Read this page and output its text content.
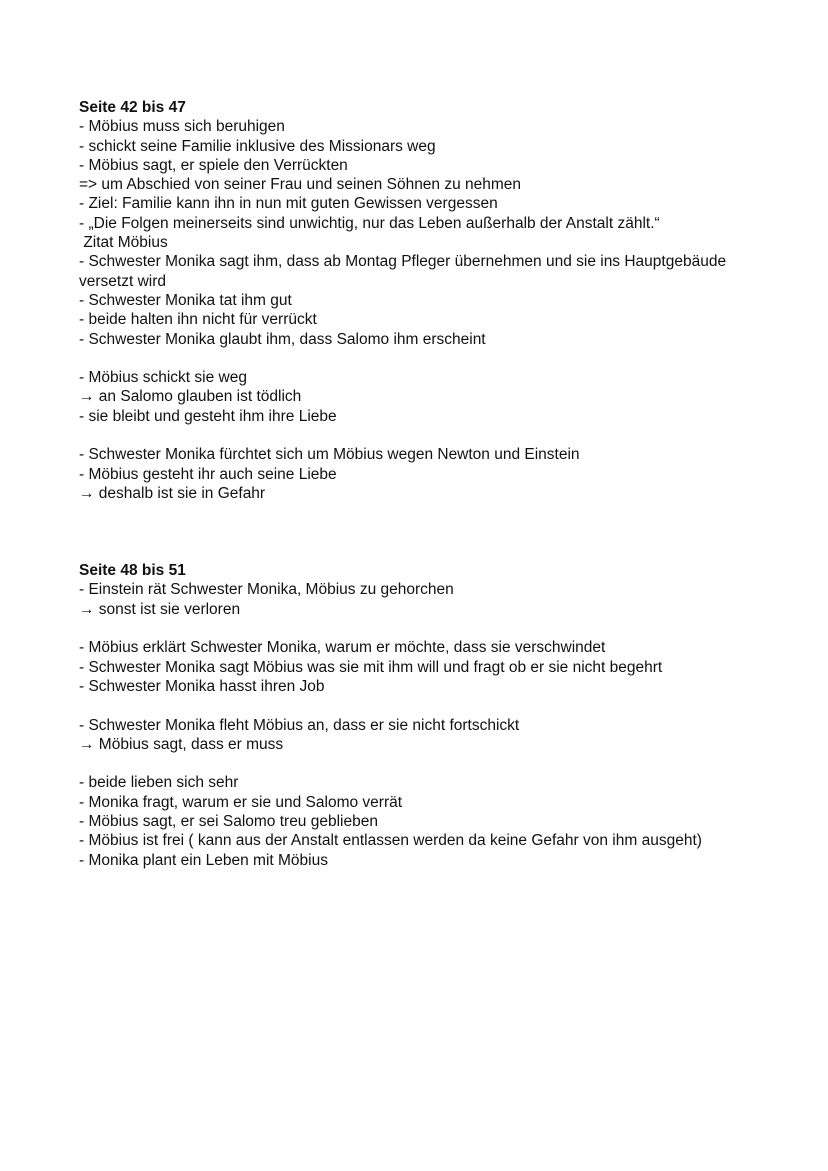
Seite 42 bis 47

- Möbius muss sich beruhigen

- schickt seine Familie inklusive des Missionars weg

- Möbius sagt, er spiele den Verrückten

=> um Abschied von seiner Frau und seinen Söhnen zu nehmen

- Ziel: Familie kann ihn in nun mit guten Gewissen vergessen

- „Die Folgen meinerseits sind unwichtig, nur das Leben außerhalb der Anstalt zählt.“

Zitat Möbius

- Schwester Monika sagt ihm, dass ab Montag Pfleger übernehmen und sie ins Hauptgebäude versetzt wird

- Schwester Monika tat ihm gut

- beide halten ihn nicht für verrückt

- Schwester Monika glaubt ihm, dass Salomo ihm erscheint

- Möbius schickt sie weg

→ an Salomo glauben ist tödlich

- sie bleibt und gesteht ihm ihre Liebe

- Schwester Monika fürchtet sich um Möbius wegen Newton und Einstein

- Möbius gesteht ihr auch seine Liebe

→ deshalb ist sie in Gefahr

Seite 48 bis 51

- Einstein rät Schwester Monika, Möbius zu gehorchen

→ sonst ist sie verloren

- Möbius erklärt Schwester Monika, warum er möchte, dass sie verschwindet

- Schwester Monika sagt Möbius was sie mit ihm will und fragt ob er sie nicht begehrt

- Schwester Monika hasst ihren Job

- Schwester Monika fleht Möbius an, dass er sie nicht fortschickt

→ Möbius sagt, dass er muss

- beide lieben sich sehr

- Monika fragt, warum er sie und Salomo verrät

- Möbius sagt, er sei Salomo treu geblieben

- Möbius ist frei ( kann aus der Anstalt entlassen werden da keine Gefahr von ihm ausgeht)

- Monika plant ein Leben mit Möbius
